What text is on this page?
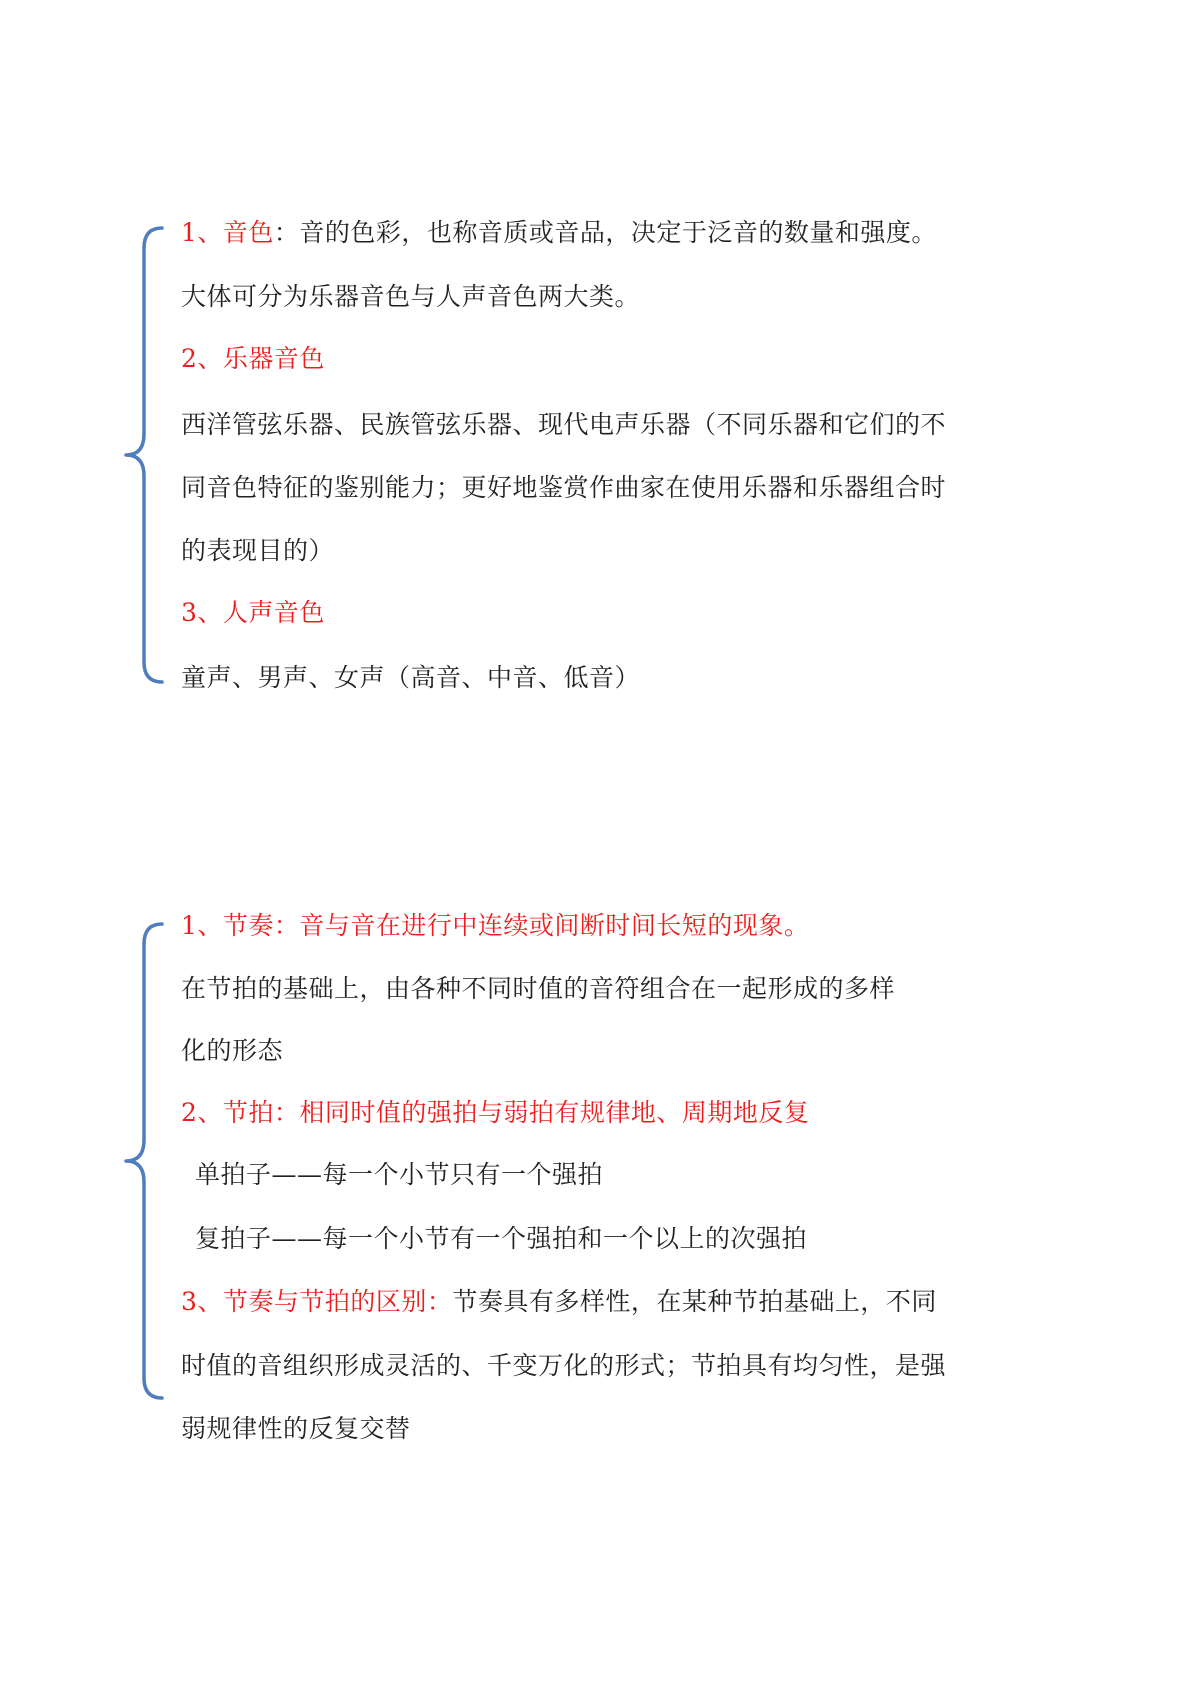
1、音色：音的色彩，也称音质或音品，决定于泛音的数量和强度。
大体可分为乐器音色与人声音色两大类。
2、乐器音色
西洋管弦乐器、民族管弦乐器、现代电声乐器（不同乐器和它们的不
同音色特征的鉴别能力；更好地鉴赏作曲家在使用乐器和乐器组合时
的表现目的）
3、人声音色
童声、男声、女声（高音、中音、低音）
1、节奏：音与音在进行中连续或间断时间长短的现象。
在节拍的基础上，由各种不同时值的音符组合在一起形成的多样
化的形态
2、节拍：相同时值的强拍与弱拍有规律地、周期地反复
单拍子——每一个小节只有一个强拍
复拍子——每一个小节有一个强拍和一个以上的次强拍
3、节奏与节拍的区别：节奏具有多样性，在某种节拍基础上，不同
时值的音组织形成灵活的、千变万化的形式；节拍具有均匀性，是强
弱规律性的反复交替
